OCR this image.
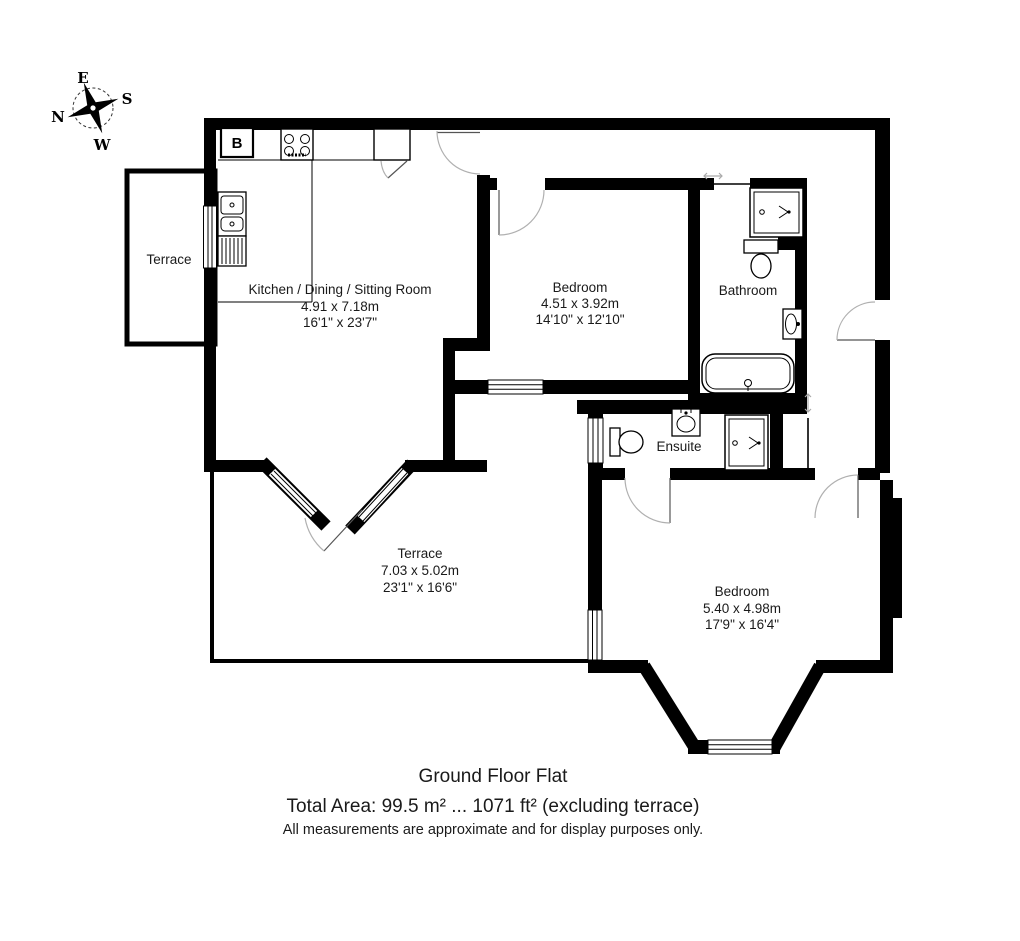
B
E
S
N
W
Terrace
Kitchen / Dining / Sitting Room
4.91 x 7.18m
16'1" x 23'7"
Bedroom
4.51 x 3.92m
14'10" x 12'10"
Bathroom
Ensuite
Terrace
7.03 x 5.02m
23'1" x 16'6"	Bedroom
5.40 x 4.98m
17'9" x 16'4"
Ground Floor Flat
Total Area: 99.5 m² ... 1071 ft² (excluding terrace)
All measurements are approximate and for display purposes only.
